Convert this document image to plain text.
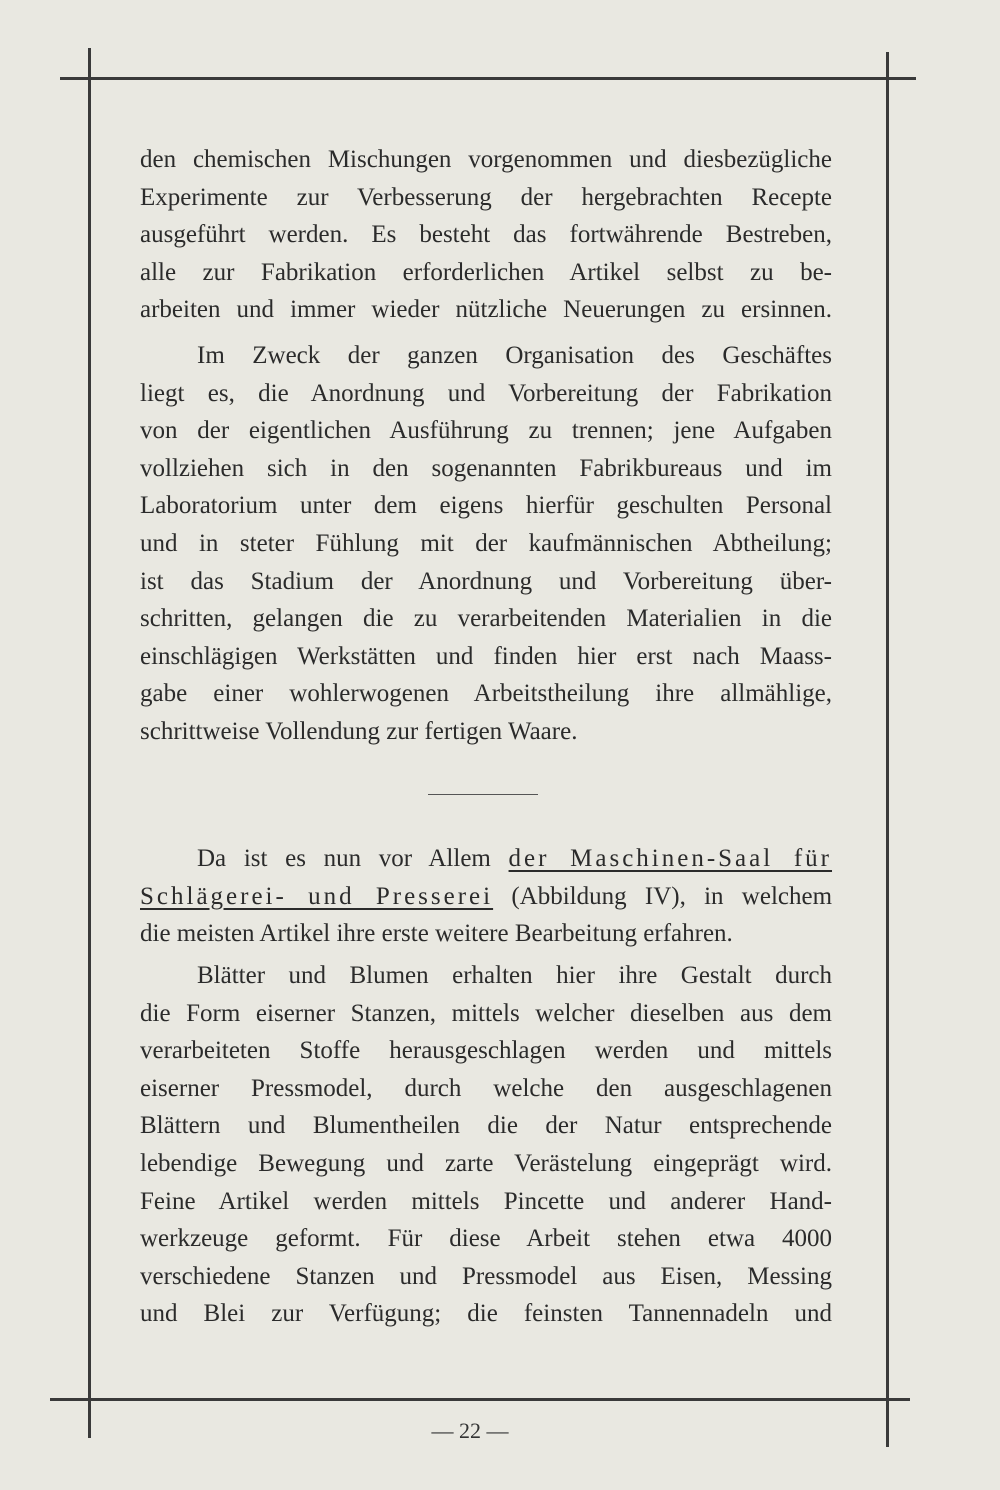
den chemischen Mischungen vorgenommen und diesbezügliche
Experimente zur Verbesserung der hergebrachten Recepte
ausgeführt werden. Es besteht das fortwährende Bestreben,
alle zur Fabrikation erforderlichen Artikel selbst zu be-
arbeiten und immer wieder nützliche Neuerungen zu ersinnen.
Im Zweck der ganzen Organisation des Geschäftes
liegt es, die Anordnung und Vorbereitung der Fabrikation
von der eigentlichen Ausführung zu trennen; jene Aufgaben
vollziehen sich in den sogenannten Fabrikbureaus und im
Laboratorium unter dem eigens hierfür geschulten Personal
und in steter Fühlung mit der kaufmännischen Abtheilung;
ist das Stadium der Anordnung und Vorbereitung über-
schritten, gelangen die zu verarbeitenden Materialien in die
einschlägigen Werkstätten und finden hier erst nach Maass-
gabe einer wohlerwogenen Arbeitstheilung ihre allmählige,
schrittweise Vollendung zur fertigen Waare.
Da ist es nun vor Allem der Maschinen-Saal für
Schlägerei- und Presserei (Abbildung IV), in welchem
die meisten Artikel ihre erste weitere Bearbeitung erfahren.
Blätter und Blumen erhalten hier ihre Gestalt durch
die Form eiserner Stanzen, mittels welcher dieselben aus dem
verarbeiteten Stoffe herausgeschlagen werden und mittels
eiserner Pressmodel, durch welche den ausgeschlagenen
Blättern und Blumentheilen die der Natur entsprechende
lebendige Bewegung und zarte Verästelung eingeprägt wird.
Feine Artikel werden mittels Pincette und anderer Hand-
werkzeuge geformt. Für diese Arbeit stehen etwa 4000
verschiedene Stanzen und Pressmodel aus Eisen, Messing
und Blei zur Verfügung; die feinsten Tannennadeln und
— 22 —
